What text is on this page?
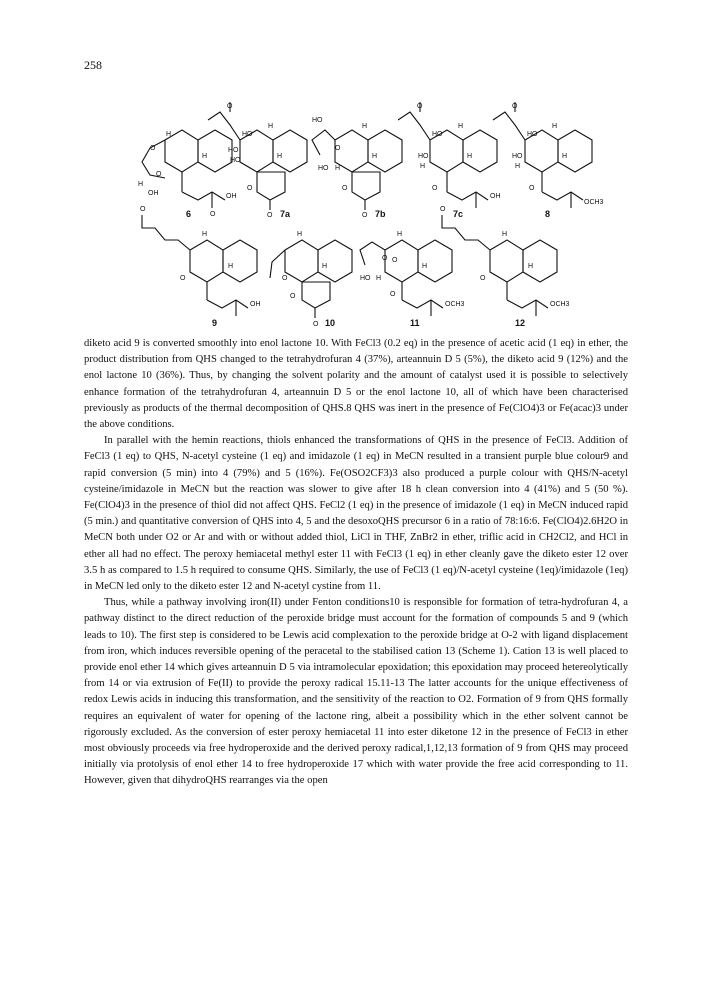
258
H
H
O
O
H
OH	OH
O
O
HO
HO
HO
H
H
O
O
HO
O
H
H
HO H
O
O
O
HO
HO
H
H
H
O
OH
O
HO
HO
H
H
H
O
OCH3
O
H
H
O
OH
H
H
O
O
O
H
O O
H
HO H
O
OCH3
O
H
H
O
OCH3
6	7a	7b	7c	8
9	10	11	12

diketo acid 9 is converted smoothly into enol lactone 10. With FeCl3 (0.2 eq) in the presence of acetic acid (1 eq) in ether, the product distribution from QHS changed to the tetrahydrofuran 4 (37%), arteannuin D 5 (5%), the diketo acid 9 (12%) and the enol lactone 10 (36%). Thus, by changing the solvent polarity and the amount of catalyst used it is possible to selectively enhance formation of the tetrahydrofuran 4, arteannuin D 5 or the enol lactone 10, all of which have been characterised previously as products of the thermal decomposition of QHS.8 QHS was inert in the presence of Fe(ClO4)3 or Fe(acac)3 under the above conditions.

In parallel with the hemin reactions, thiols enhanced the transformations of QHS in the presence of FeCl3. Addition of FeCl3 (1 eq) to QHS, N-acetyl cysteine (1 eq) and imidazole (1 eq) in MeCN resulted in a transient purple blue colour9 and rapid conversion (5 min) into 4 (79%) and 5 (16%). Fe(OSO2CF3)3 also produced a purple colour with QHS/N-acetyl cysteine/imidazole in MeCN but the reaction was slower to give after 18 h clean conversion into 4 (41%) and 5 (50 %). Fe(ClO4)3 in the presence of thiol did not affect QHS. FeCl2 (1 eq) in the presence of imidazole (1 eq) in MeCN induced rapid (5 min.) and quantitative conversion of QHS into 4, 5 and the desoxoQHS precursor 6 in a ratio of 78:16:6. Fe(ClO4)2.6H2O in MeCN both under O2 or Ar and with or without added thiol, LiCl in THF, ZnBr2 in ether, triflic acid in CH2Cl2, and HCl in ether all had no effect. The peroxy hemiacetal methyl ester 11 with FeCl3 (1 eq) in ether cleanly gave the diketo ester 12 over 3.5 h as compared to 1.5 h required to consume QHS. Similarly, the use of FeCl3 (1 eq)/N-acetyl cysteine (1eq)/imidazole (1eq) in MeCN led only to the diketo ester 12 and N-acetyl cystine from 11.

Thus, while a pathway involving iron(II) under Fenton conditions10 is responsible for formation of tetra-hydrofuran 4, a pathway distinct to the direct reduction of the peroxide bridge must account for the formation of compounds 5 and 9 (which leads to 10). The first step is considered to be Lewis acid complexation to the peroxide bridge at O-2 with ligand displacement from iron, which induces reversible opening of the peracetal to the stabilised cation 13 (Scheme 1). Cation 13 is well placed to provide enol ether 14 which gives arteannuin D 5 via intramolecular epoxidation; this epoxidation may proceed hetereolytically from 14 or via extrusion of Fe(II) to provide the peroxy radical 15.11-13 The latter accounts for the unique effectiveness of redox Lewis acids in inducing this transformation, and the sensitivity of the reaction to O2. Formation of 9 from QHS formally requires an equivalent of water for opening of the lactone ring, albeit a possibility which in the ether solvent cannot be rigorously excluded. As the conversion of ester peroxy hemiacetal 11 into ester diketone 12 in the presence of FeCl3 in ether most obviously proceeds via free hydroperoxide and the derived peroxy radical,1,12,13 formation of 9 from QHS may proceed initially via protolysis of enol ether 14 to free hydroperoxide 17 which with water provide the free acid corresponding to 11. However, given that dihydroQHS rearranges via the open
